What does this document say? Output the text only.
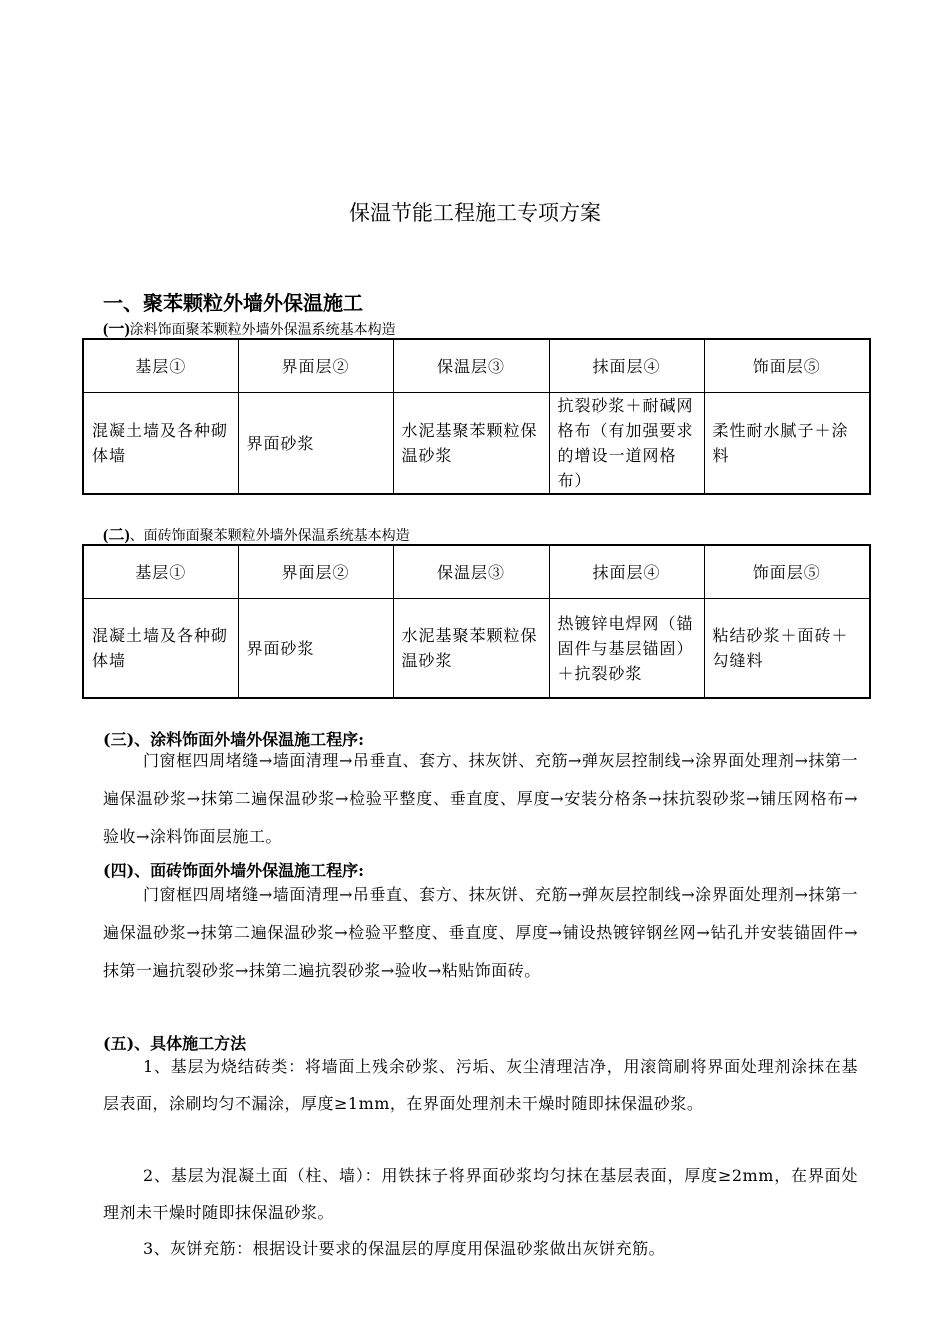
保温节能工程施工专项方案
一、聚苯颗粒外墙外保温施工
(一)涂料饰面聚苯颗粒外墙外保温系统基本构造
基层①	界面层②	保温层③	抹面层④	饰面层⑤
混凝土墙及各种砌体墙	界面砂浆	水泥基聚苯颗粒保温砂浆	抗裂砂浆＋耐碱网格布（有加强要求的增设一道网格布）	柔性耐水腻子＋涂料
(二)、面砖饰面聚苯颗粒外墙外保温系统基本构造
基层①	界面层②	保温层③	抹面层④	饰面层⑤
混凝土墙及各种砌体墙	界面砂浆	水泥基聚苯颗粒保温砂浆	热镀锌电焊网（锚固件与基层锚固）＋抗裂砂浆	粘结砂浆＋面砖＋勾缝料
(三)、涂料饰面外墙外保温施工程序:
门窗框四周堵缝→墙面清理→吊垂直、套方、抹灰饼、充筋→弹灰层控制线→涂界面处理剂→抹第一遍保温砂浆→抹第二遍保温砂浆→检验平整度、垂直度、厚度→安装分格条→抹抗裂砂浆→铺压网格布→验收→涂料饰面层施工。
(四)、面砖饰面外墙外保温施工程序:
门窗框四周堵缝→墙面清理→吊垂直、套方、抹灰饼、充筋→弹灰层控制线→涂界面处理剂→抹第一遍保温砂浆→抹第二遍保温砂浆→检验平整度、垂直度、厚度→铺设热镀锌钢丝网→钻孔并安装锚固件→抹第一遍抗裂砂浆→抹第二遍抗裂砂浆→验收→粘贴饰面砖。
(五)、具体施工方法
1、基层为烧结砖类：将墙面上残余砂浆、污垢、灰尘清理洁净，用滚筒刷将界面处理剂涂抹在基层表面，涂刷均匀不漏涂，厚度≥1mm，在界面处理剂未干燥时随即抹保温砂浆。
2、基层为混凝土面（柱、墙）：用铁抹子将界面砂浆均匀抹在基层表面，厚度≥2mm，在界面处理剂未干燥时随即抹保温砂浆。
3、灰饼充筋：根据设计要求的保温层的厚度用保温砂浆做出灰饼充筋。
